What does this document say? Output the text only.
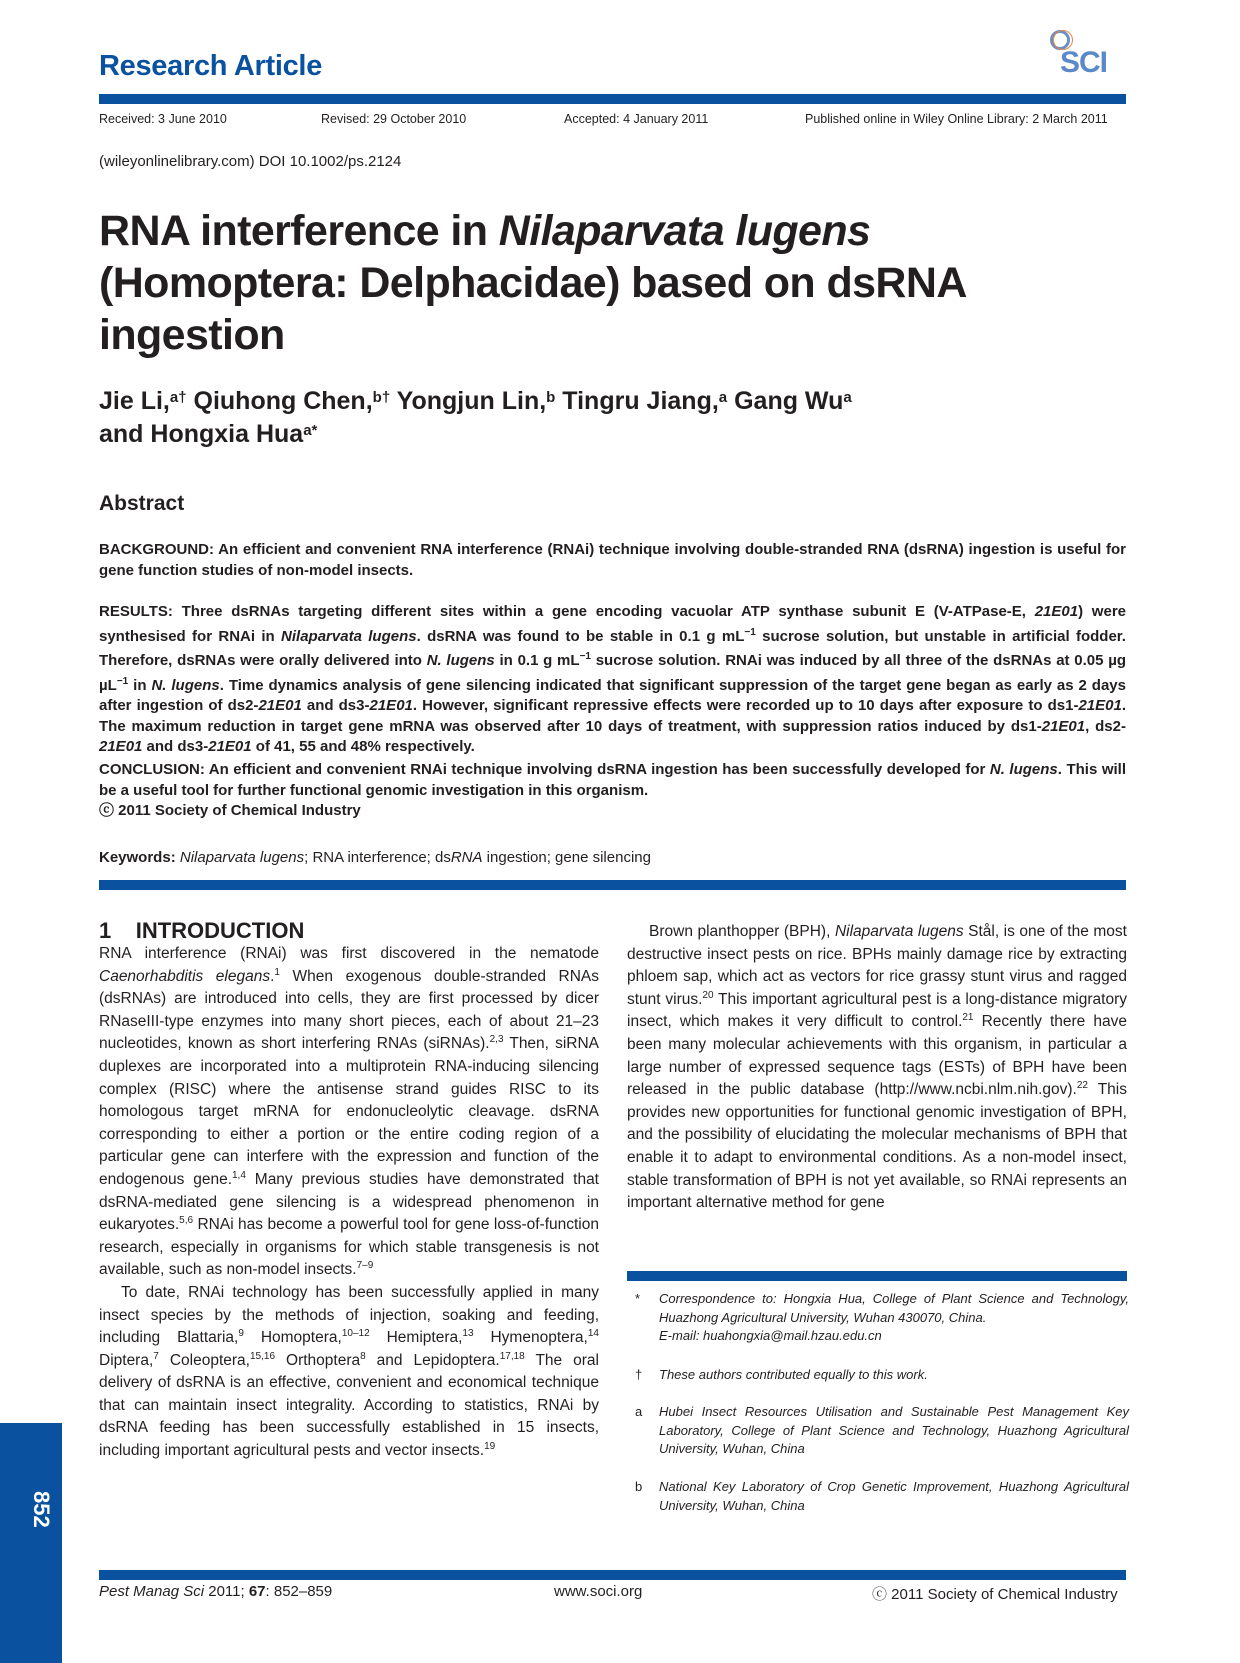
Research Article	SCI
Received: 3 June 2010	Revised: 29 October 2010	Accepted: 4 January 2011	Published online in Wiley Online Library: 2 March 2011
(wileyonlinelibrary.com) DOI 10.1002/ps.2124
RNA interference in Nilaparvata lugens
(Homoptera: Delphacidae) based on dsRNA
ingestion
Jie Li,$^{a\dagger}$ Qiuhong Chen,$^{b\dagger}$ Yongjun Lin,$^b$ Tingru Jiang,$^a$ Gang Wu$^a$
and Hongxia Hua$^{a*}$
Abstract
BACKGROUND: An efficient and convenient RNA interference (RNAi) technique involving double-stranded RNA (dsRNA) ingestion is useful for gene function studies of non-model insects.
RESULTS: Three dsRNAs targeting different sites within a gene encoding vacuolar ATP synthase subunit E (V-ATPase-E, 21E01) were synthesised for RNAi in Nilaparvata lugens. dsRNA was found to be stable in 0.1 g $mL^{-1}$ sucrose solution, but unstable in artificial fodder. Therefore, dsRNAs were orally delivered into N. lugens in 0.1 g $mL^{-1}$ sucrose solution. RNAi was induced by all three of the dsRNAs at 0.05 µg µL$^{-1}$ in N. lugens. Time dynamics analysis of gene silencing indicated that significant suppression of the target gene began as early as 2 days after ingestion of ds2-21E01 and ds3-21E01. However, significant repressive effects were recorded up to 10 days after exposure to ds1-21E01. The maximum reduction in target gene mRNA was observed after 10 days of treatment, with suppression ratios induced by ds1-21E01, ds2-21E01 and ds3-21E01 of 41, 55 and 48% respectively.
CONCLUSION: An efficient and convenient RNAi technique involving dsRNA ingestion has been successfully developed for N. lugens. This will be a useful tool for further functional genomic investigation in this organism.
ⓒ 2011 Society of Chemical Industry
Keywords: Nilaparvata lugens; RNA interference; dsRNA ingestion; gene silencing
1 INTRODUCTION
RNA interference (RNAi) was first discovered in the nematode Caenorhabditis elegans.$^1$ When exogenous double-stranded RNAs (dsRNAs) are introduced into cells, they are first processed by dicer RNaseIII-type enzymes into many short pieces, each of about 21–23 nucleotides, known as short interfering RNAs (siRNAs).$^{2,3}$ Then, siRNA duplexes are incorporated into a multiprotein RNA-inducing silencing complex (RISC) where the antisense strand guides RISC to its homologous target mRNA for endonucleolytic cleavage. dsRNA corresponding to either a portion or the entire coding region of a particular gene can interfere with the expression and function of the endogenous gene.$^{1,4}$ Many previous studies have demonstrated that dsRNA-mediated gene silencing is a widespread phenomenon in eukaryotes.$^{5,6}$ RNAi has become a powerful tool for gene loss-of-function research, especially in organisms for which stable transgenesis is not available, such as non-model insects.$^{7-9}$
To date, RNAi technology has been successfully applied in many insect species by the methods of injection, soaking and feeding, including Blattaria,$^9$ Homoptera,$^{10-12}$ Hemiptera,$^{13}$ Hymenoptera,$^{14}$ Diptera,$^7$ Coleoptera,$^{15,16}$ Orthoptera$^8$ and Lepidoptera.$^{17,18}$ The oral delivery of dsRNA is an effective, convenient and economical technique that can maintain insect integrality. According to statistics, RNAi by dsRNA feeding has been successfully established in 15 insects, including important agricultural pests and vector insects.$^{19}$
Brown planthopper (BPH), Nilaparvata lugens Stål, is one of the most destructive insect pests on rice. BPHs mainly damage rice by extracting phloem sap, which act as vectors for rice grassy stunt virus and ragged stunt virus.$^{20}$ This important agricultural pest is a long-distance migratory insect, which makes it very difficult to control.$^{21}$ Recently there have been many molecular achievements with this organism, in particular a large number of expressed sequence tags (ESTs) of BPH have been released in the public database (http://www.ncbi.nlm.nih.gov).$^{22}$ This provides new opportunities for functional genomic investigation of BPH, and the possibility of elucidating the molecular mechanisms of BPH that enable it to adapt to environmental conditions. As a non-model insect, stable transformation of BPH is not yet available, so RNAi represents an important alternative method for gene
* Correspondence to: Hongxia Hua, College of Plant Science and Technology, Huazhong Agricultural University, Wuhan 430070, China.
E-mail: huahongxia@mail.hzau.edu.cn
† These authors contributed equally to this work.
a Hubei Insect Resources Utilisation and Sustainable Pest Management Key Laboratory, College of Plant Science and Technology, Huazhong Agricultural University, Wuhan, China
b National Key Laboratory of Crop Genetic Improvement, Huazhong Agricultural University, Wuhan, China
852
Pest Manag Sci 2011; 67: 852–859	www.soci.org	ⓒ 2011 Society of Chemical Industry
